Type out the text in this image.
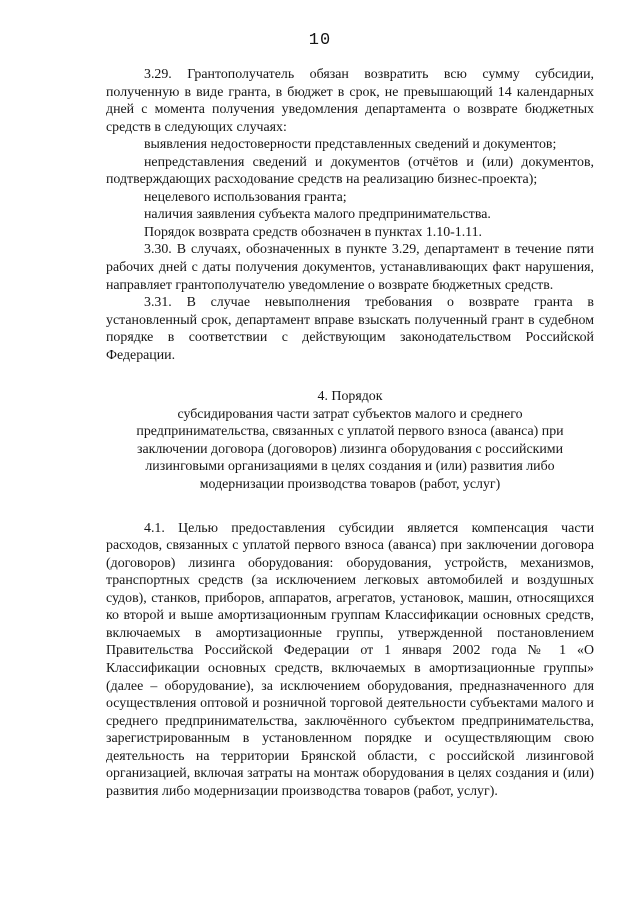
10

3.29. Грантополучатель обязан возвратить всю сумму субсидии, полученную в виде гранта, в бюджет в срок, не превышающий 14 календарных дней с момента получения уведомления департамента о возврате бюджетных средств в следующих случаях:

выявления недостоверности представленных сведений и документов;

непредставления сведений и документов (отчётов и (или) документов, подтверждающих расходование средств на реализацию бизнес-проекта);

нецелевого использования гранта;

наличия заявления субъекта малого предпринимательства.

Порядок возврата средств обозначен в пунктах 1.10-1.11.

3.30. В случаях, обозначенных в пункте 3.29, департамент в течение пяти рабочих дней с даты получения документов, устанавливающих факт нарушения, направляет грантополучателю уведомление о возврате бюджетных средств.

3.31. В случае невыполнения требования о возврате гранта в установленный срок, департамент вправе взыскать полученный грант в судебном порядке в соответствии с действующим законодательством Российской Федерации.

4. Порядок
субсидирования части затрат субъектов малого и среднего предпринимательства, связанных с уплатой первого взноса (аванса) при заключении договора (договоров) лизинга оборудования с российскими лизинговыми организациями в целях создания и (или) развития либо модернизации производства товаров (работ, услуг)

4.1. Целью предоставления субсидии является компенсация части расходов, связанных с уплатой первого взноса (аванса) при заключении договора (договоров) лизинга оборудования: оборудования, устройств, механизмов, транспортных средств (за исключением легковых автомобилей и воздушных судов), станков, приборов, аппаратов, агрегатов, установок, машин, относящихся ко второй и выше амортизационным группам Классификации основных средств, включаемых в амортизационные группы, утвержденной постановлением Правительства Российской Федерации от 1 января 2002 года № 1 «О Классификации основных средств, включаемых в амортизационные группы» (далее – оборудование), за исключением оборудования, предназначенного для осуществления оптовой и розничной торговой деятельности субъектами малого и среднего предпринимательства, заключённого субъектом предпринимательства, зарегистрированным в установленном порядке и осуществляющим свою деятельность на территории Брянской области, с российской лизинговой организацией, включая затраты на монтаж оборудования в целях создания и (или) развития либо модернизации производства товаров (работ, услуг).
